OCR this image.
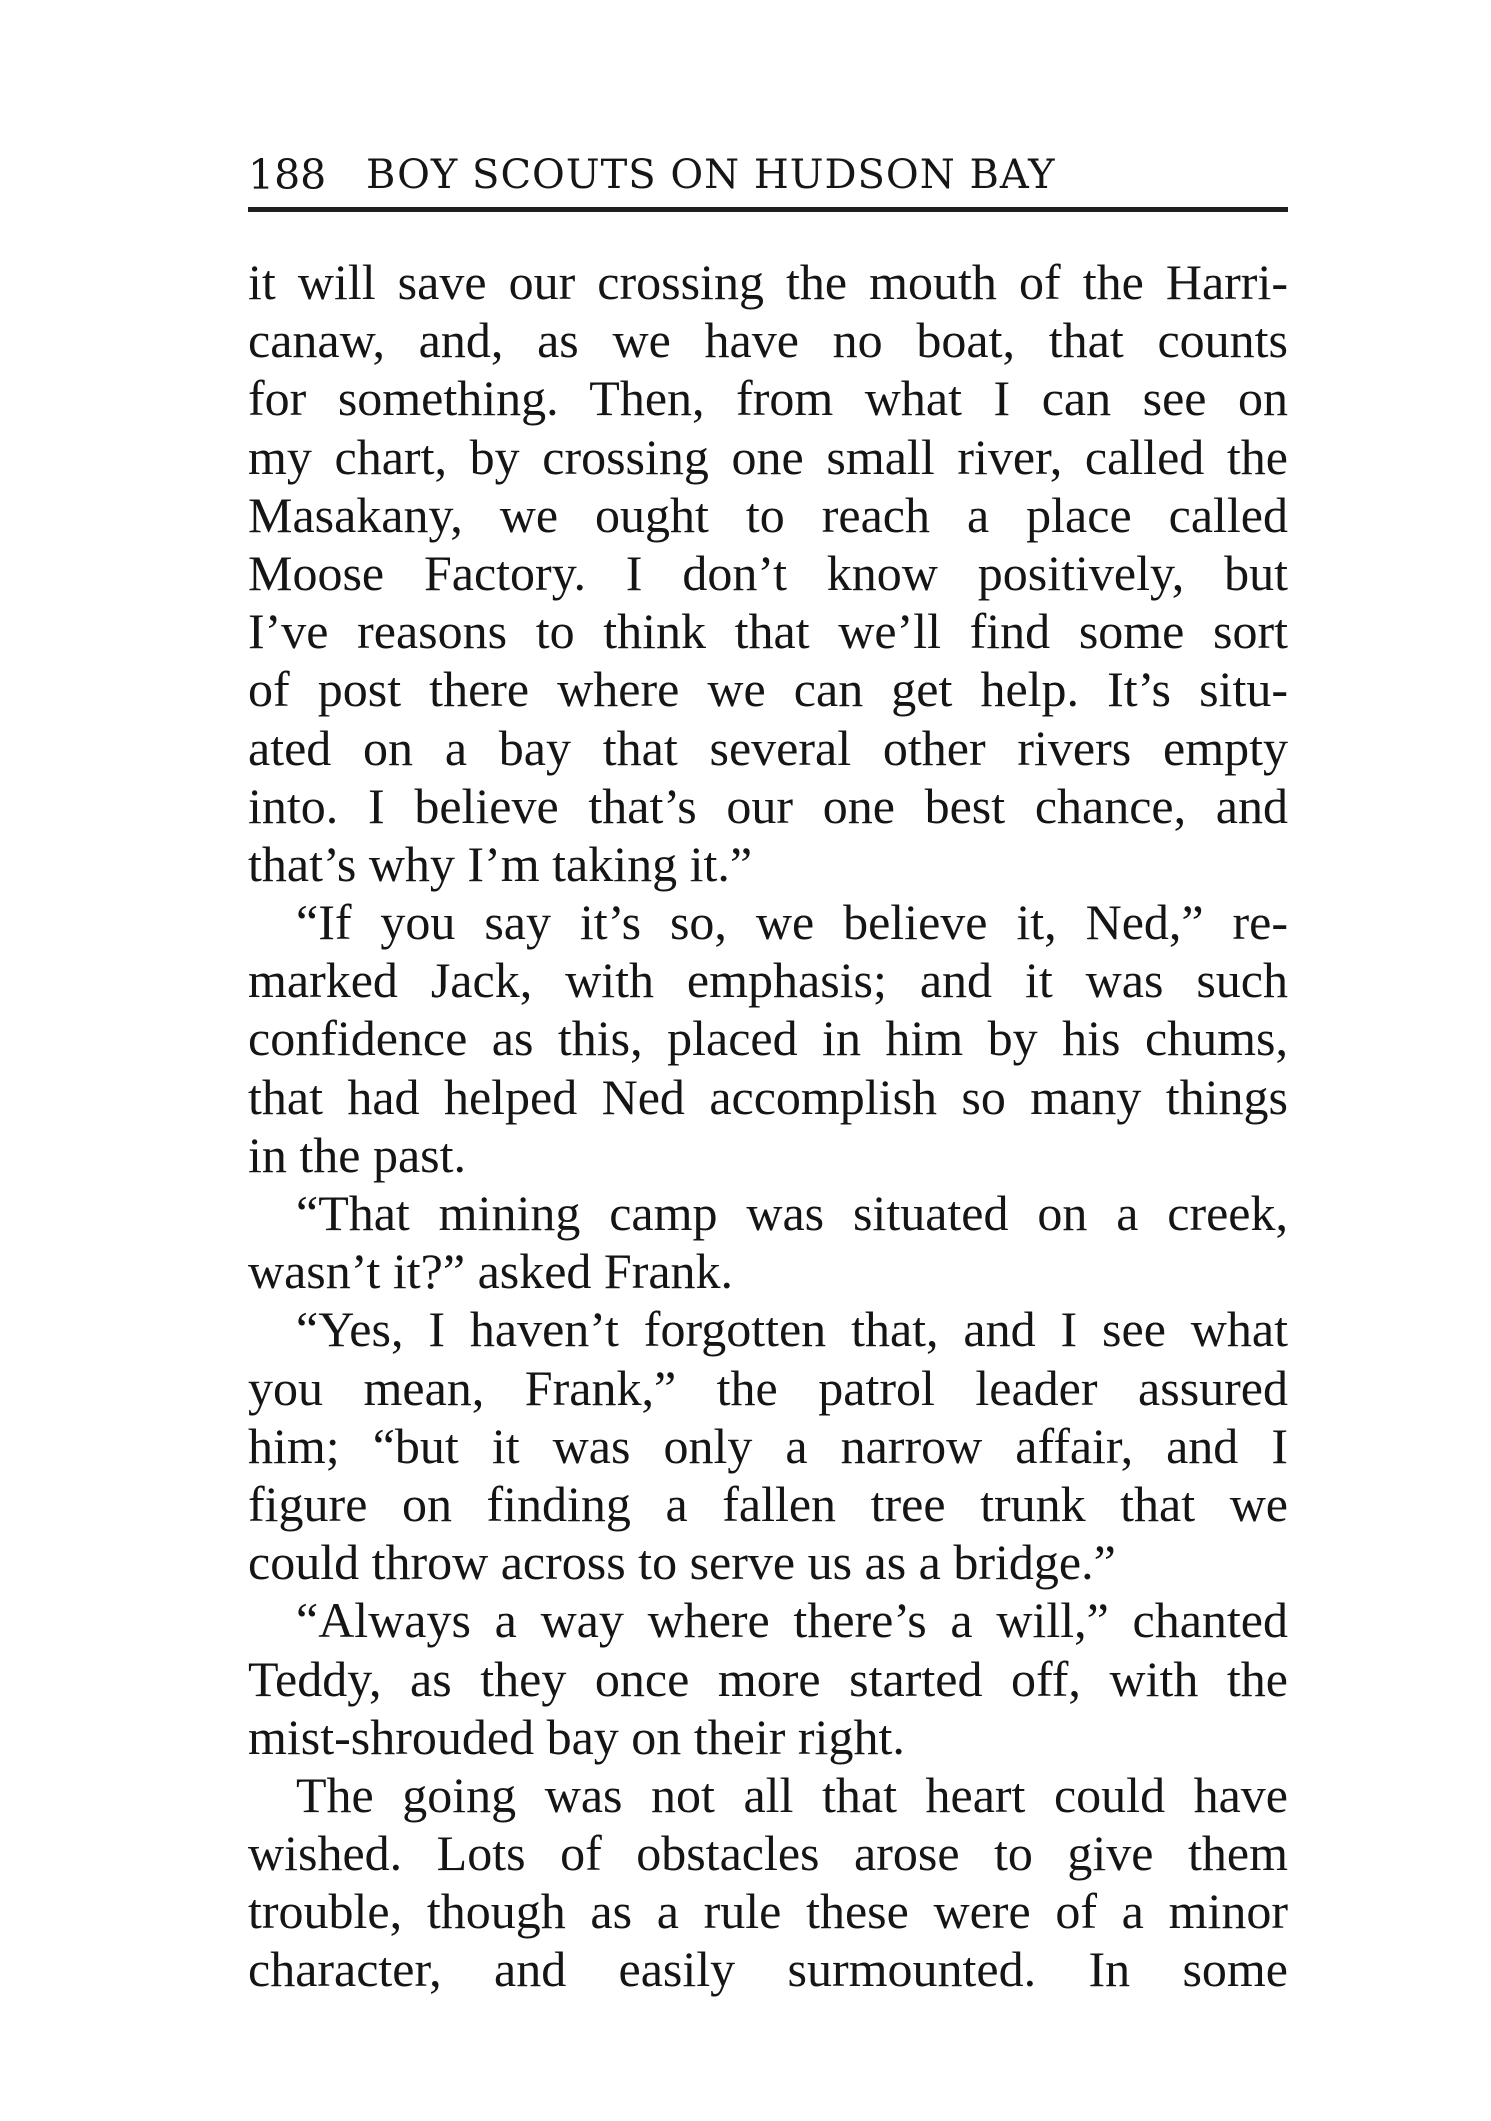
188 BOY SCOUTS ON HUDSON BAY
it will save our crossing the mouth of the Harri-
canaw, and, as we have no boat, that counts
for something. Then, from what I can see on
my chart, by crossing one small river, called the
Masakany, we ought to reach a place called
Moose Factory. I don’t know positively, but
I’ve reasons to think that we’ll find some sort
of post there where we can get help. It’s situ-
ated on a bay that several other rivers empty
into. I believe that’s our one best chance, and
that’s why I’m taking it.”
“If you say it’s so, we believe it, Ned,” re-
marked Jack, with emphasis; and it was such
confidence as this, placed in him by his chums,
that had helped Ned accomplish so many things
in the past.
“That mining camp was situated on a creek,
wasn’t it?” asked Frank.
“Yes, I haven’t forgotten that, and I see what
you mean, Frank,” the patrol leader assured
him; “but it was only a narrow affair, and I
figure on finding a fallen tree trunk that we
could throw across to serve us as a bridge.”
“Always a way where there’s a will,” chanted
Teddy, as they once more started off, with the
mist-shrouded bay on their right.
The going was not all that heart could have
wished. Lots of obstacles arose to give them
trouble, though as a rule these were of a minor
character, and easily surmounted. In some
